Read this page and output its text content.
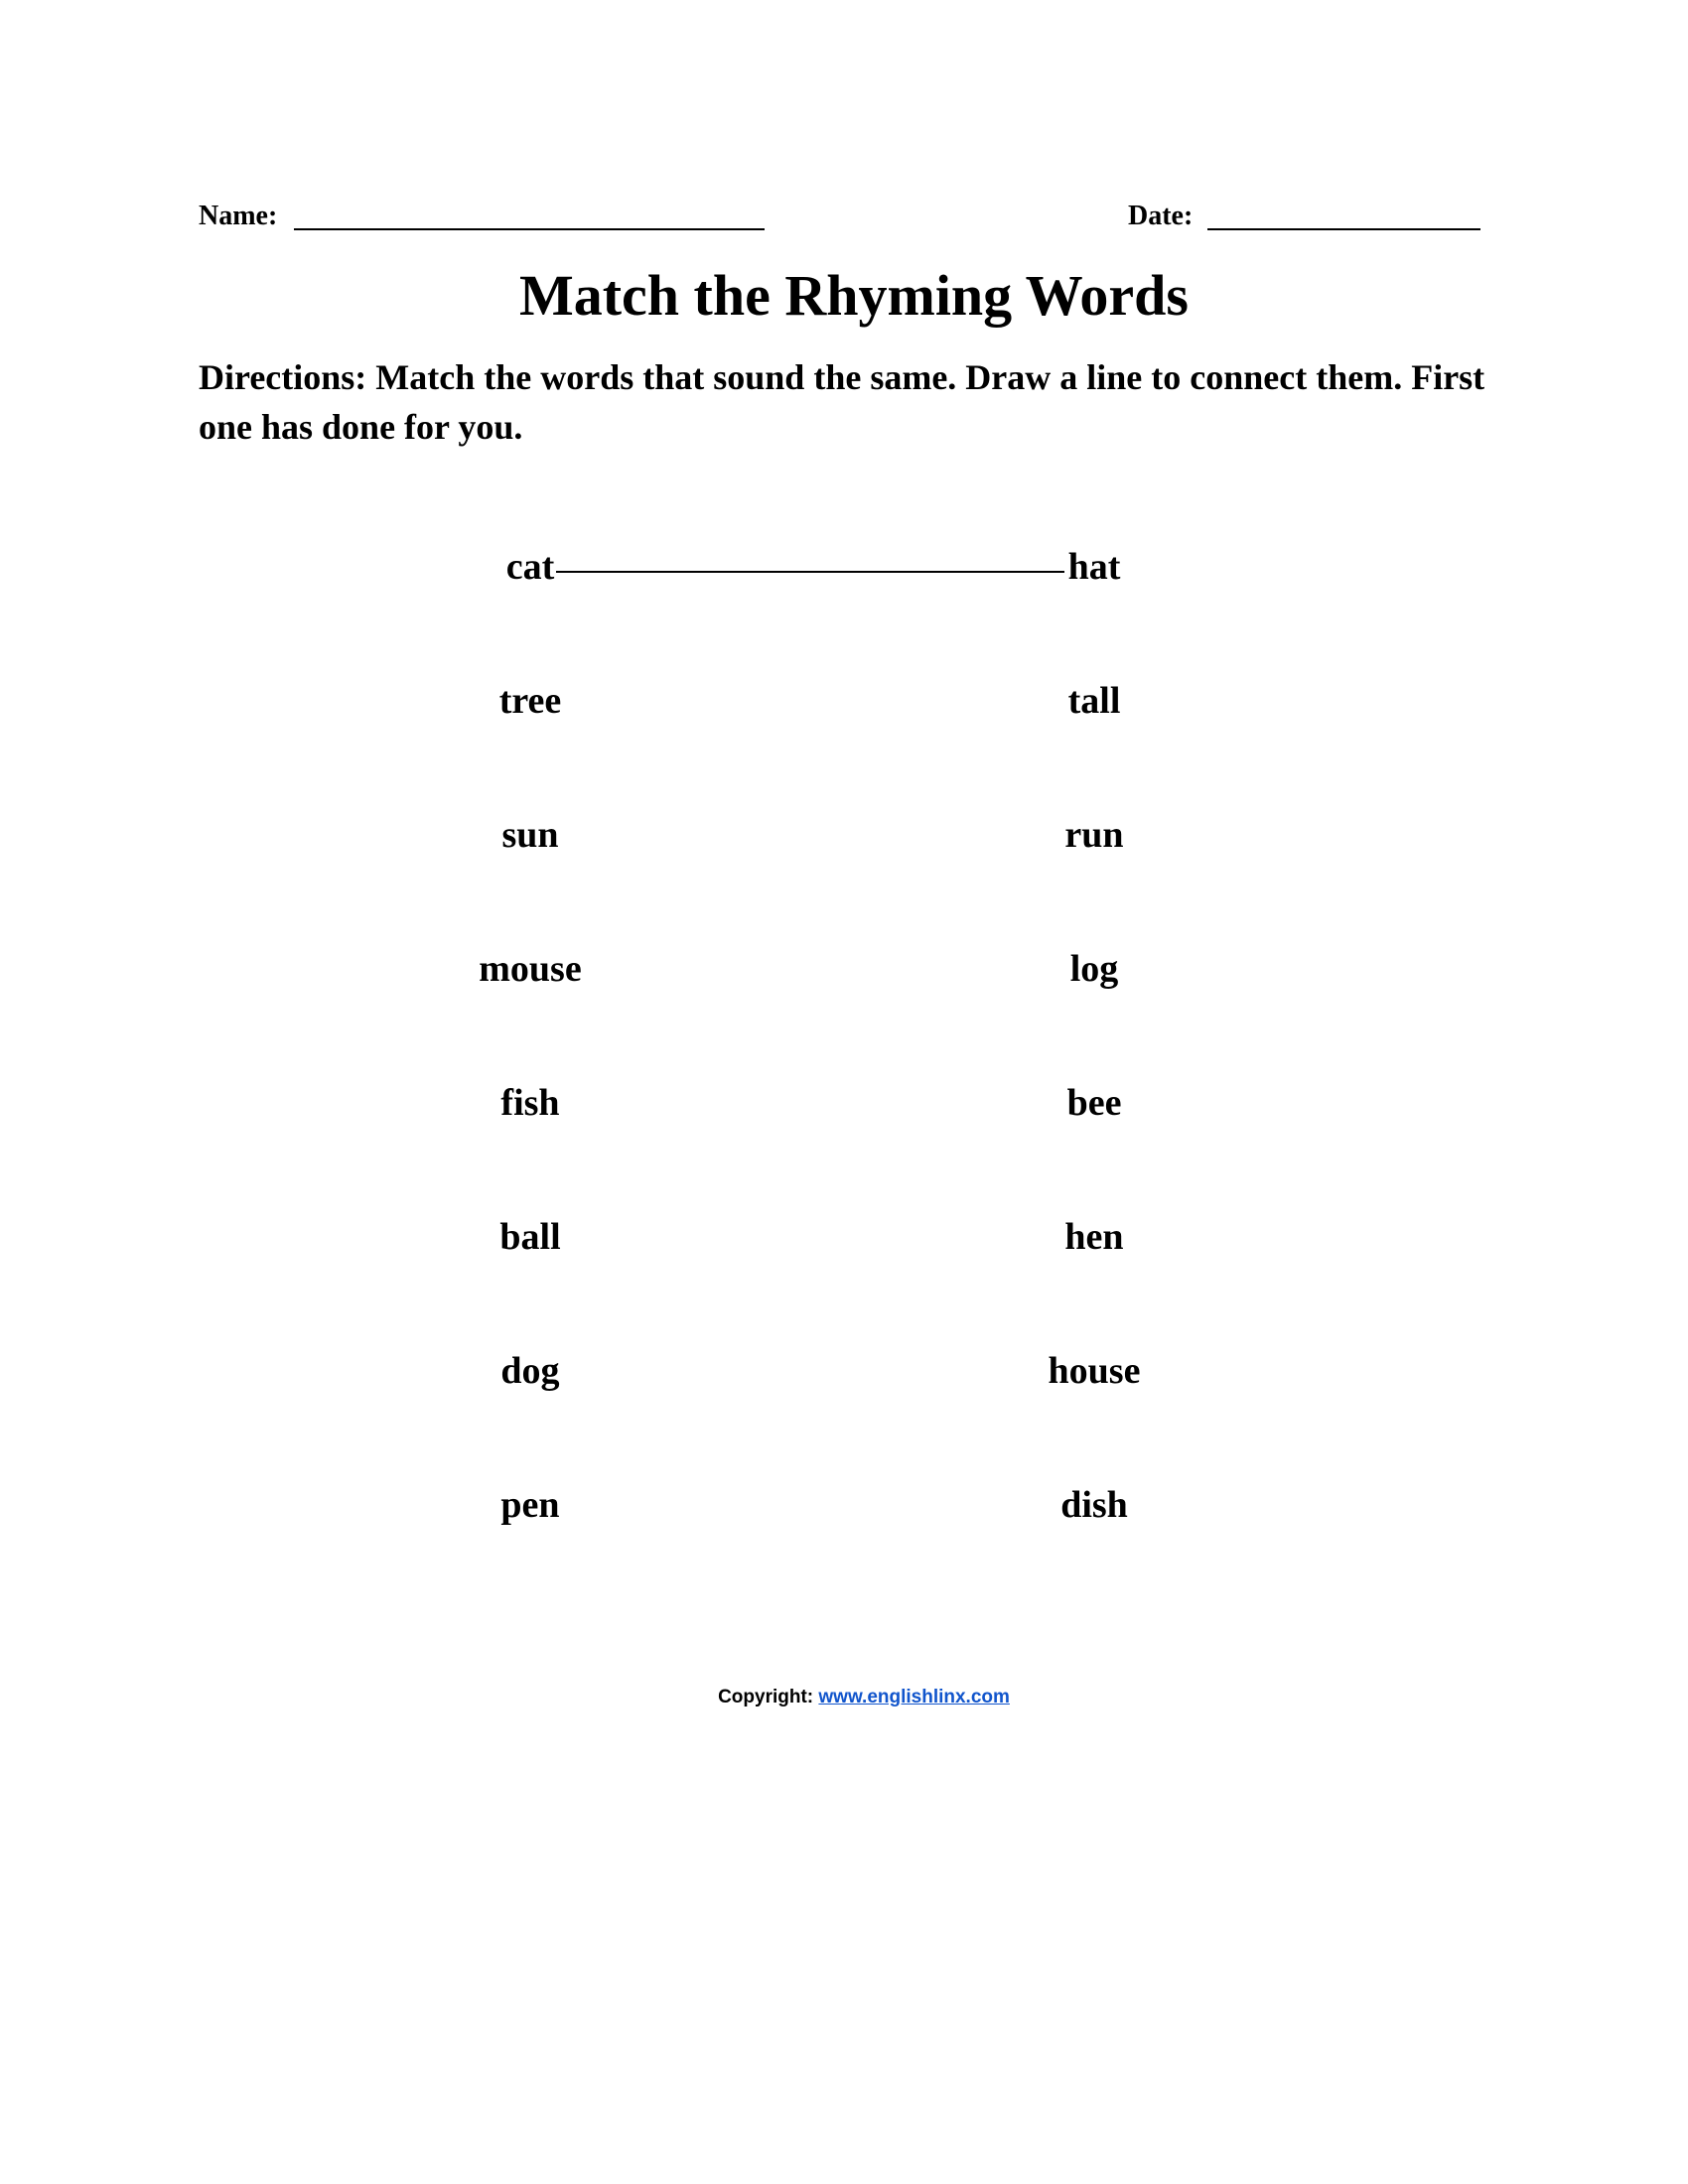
Name:	Date:
Match the Rhyming Words
Directions: Match the words that sound the same. Draw a line to connect them. First one has done for you.
cat
tree
sun
mouse
fish
ball
dog
pen
hat
tall
run
log
bee
hen
house
dish
Copyright: www.englishlinx.com
